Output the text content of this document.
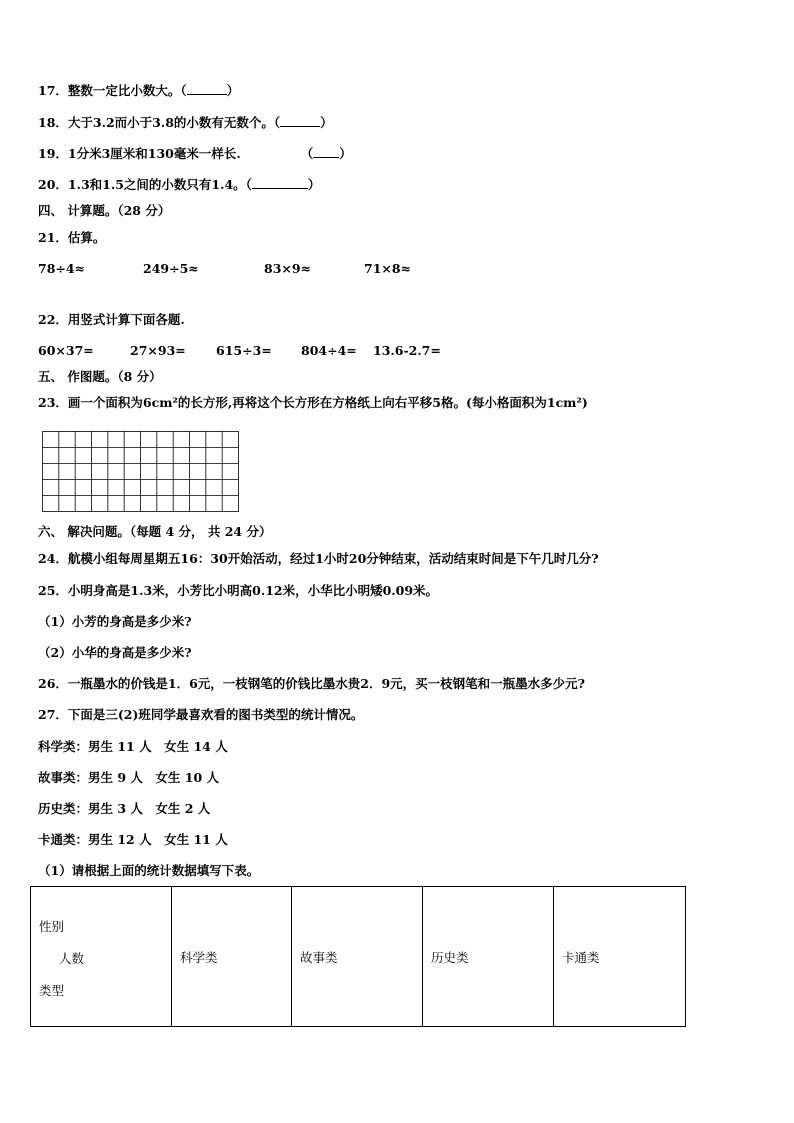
17．整数一定比小数大。（	）
18．大于3.2而小于3.8的小数有无数个。（	）
19．1分米3厘米和130毫米一样长.	（ ）
20．1.3和1.5之间的小数只有1.4。（	）
四、 计算题。（28 分）
21．估算。
78÷4≈	249÷5≈	83×9≈	71×8≈
22．用竖式计算下面各题.
60×37=	27×93= 615÷3= 804÷4= 13.6-2.7=
五、 作图题。（8 分）
23．画一个面积为6cm²的长方形,再将这个长方形在方格纸上向右平移5格。(每小格面积为1cm²)
六、 解决问题。（每题 4 分， 共 24 分）
24．航模小组每周星期五16：30开始活动，经过1小时20分钟结束，活动结束时间是下午几时几分?
25．小明身高是1.3米，小芳比小明高0.12米，小华比小明矮0.09米。
（1）小芳的身高是多少米?
（2）小华的身高是多少米?
26．一瓶墨水的价钱是1．6元，一枝钢笔的价钱比墨水贵2．9元，买一枝钢笔和一瓶墨水多少元?
27．下面是三(2)班同学最喜欢看的图书类型的统计情况。
科学类：男生 11 人　女生 14 人
故事类：男生 9 人　女生 10 人
历史类：男生 3 人　女生 2 人
卡通类：男生 12 人　女生 11 人
（1）请根据上面的统计数据填写下表。
性别
人数
类型
	科学类	故事类	历史类	卡通类
